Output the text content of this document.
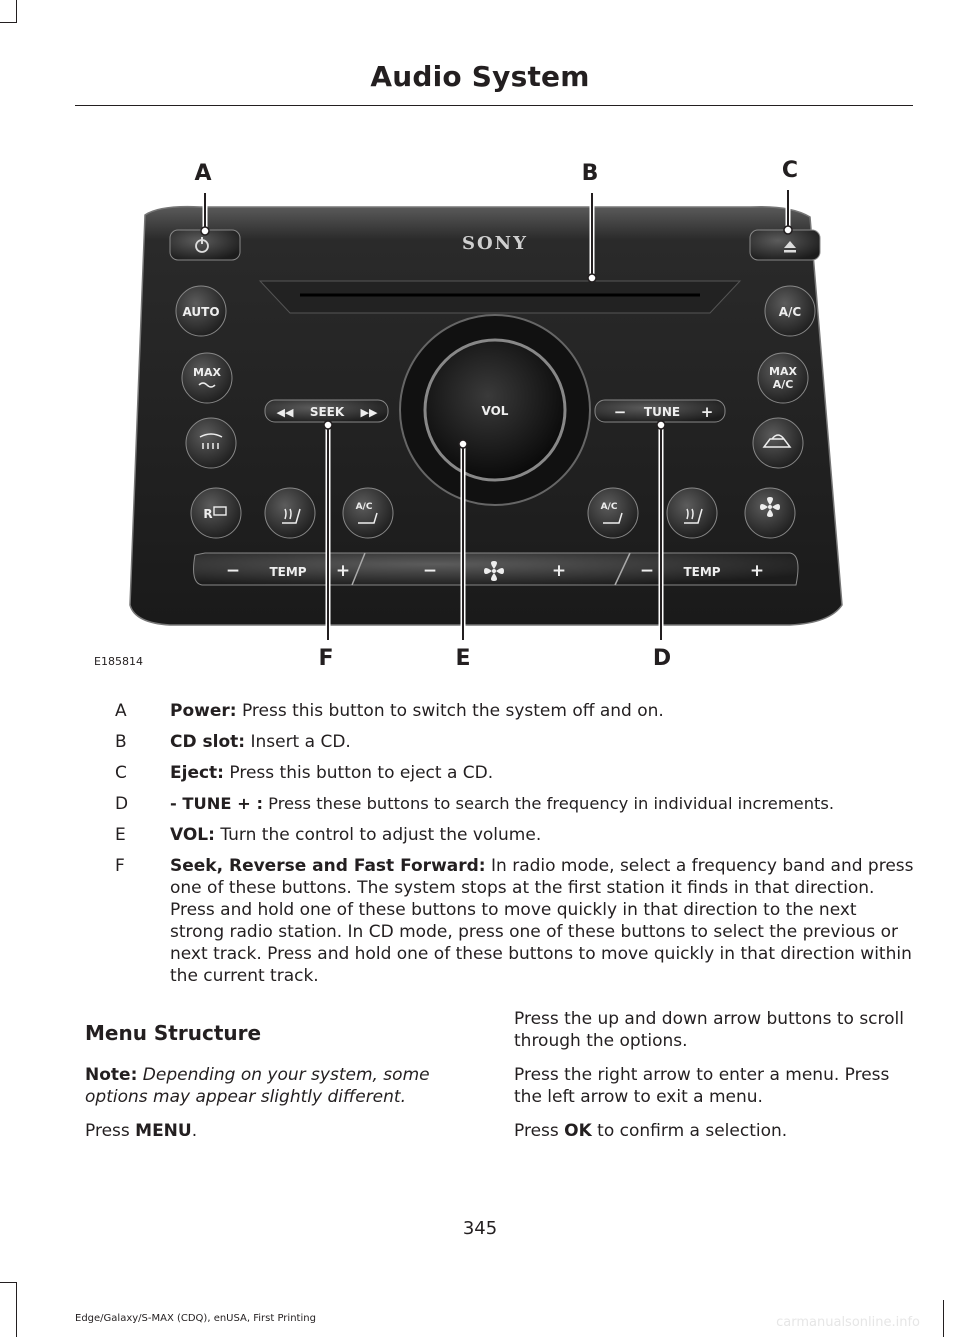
Audio System
SONY
AUTO
MAX
R	A/C
A/C
MAX
A/C
A/C
SEEK
◀◀	▶▶	TUNE
−	+
VOL
− TEMP +	−	+	− TEMP +
A	B	C
D
E
F
E185814
A	Power: Press this button to switch the system off and on.
B	CD slot: Insert a CD.
C	Eject: Press this button to eject a CD.
D	- TUNE + : Press these buttons to search the frequency in individual increments.
E	VOL: Turn the control to adjust the volume.
F	Seek, Reverse and Fast Forward: In radio mode, select a frequency band and press one of these buttons. The system stops at the first station it finds in that direction. Press and hold one of these buttons to move quickly in that direction to the next strong radio station. In CD mode, press one of these buttons to select the previous or next track. Press and hold one of these buttons to move quickly in that direction within the current track.
Menu Structure

Note: Depending on your system, some options may appear slightly different.

Press MENU.

Press the up and down arrow buttons to scroll through the options.

Press the right arrow to enter a menu. Press the left arrow to exit a menu.

Press OK to confirm a selection.

345
Edge/Galaxy/S-MAX (CDQ), enUSA, First Printing	carmanualsonline.info
